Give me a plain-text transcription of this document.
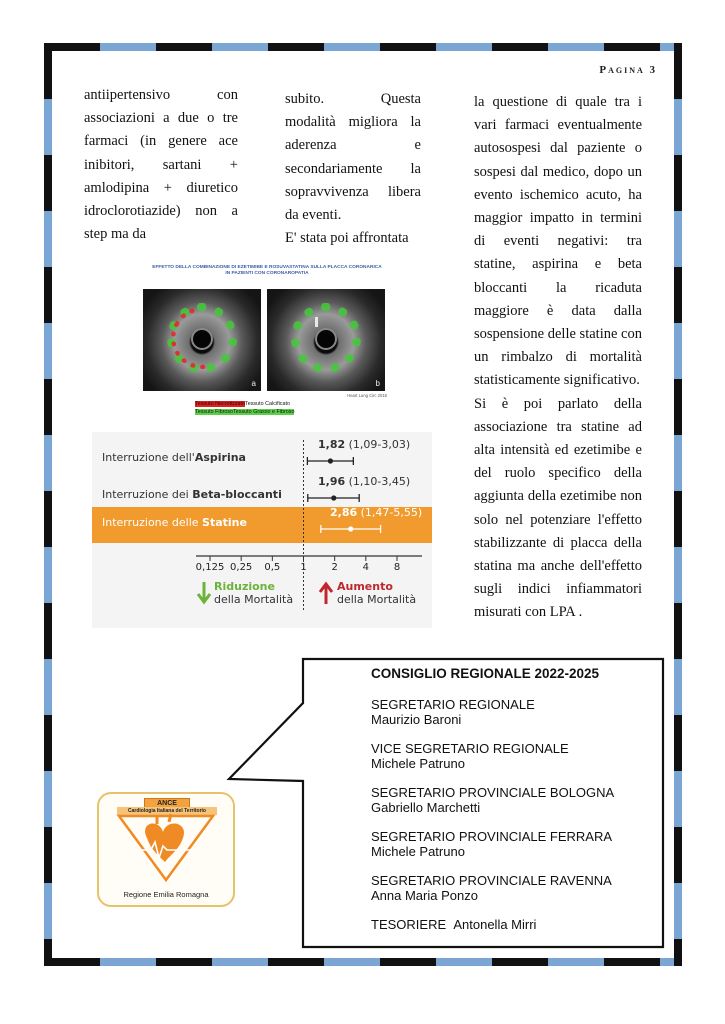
Pagina 3

antiipertensivo con associazioni a due o tre farmaci (in genere ace inibitori, sartani + amlodipina + diuretico idroclorotiazide) non a step ma da

subito. Questa modalità migliora la aderenza e secondariamente la sopravvivenza libera da eventi.

E' stata poi affrontata

la questione di quale tra i vari farmaci eventualmente autosospesi dal paziente o sospesi dal medico, dopo un evento ischemico acuto, ha maggior impatto in termini di eventi negativi: tra statine, aspirina e beta bloccanti la ricaduta maggiore è data dalla sospensione delle statine con un rimbalzo di mortalità statisticamente significativo.

Si è poi parlato della associazione tra statine ad alta intensità ed ezetimibe e del ruolo specifico della aggiunta della ezetimibe non solo nel potenziare l'effetto stabilizzante di placca della statina ma anche dell'effetto sugli indici infiammatori misurati con LPA .

EFFETTO DELLA COMBINAZIONE DI EZETIMIBE E ROSUVASTATINA SULLA PLACCA CORONARICA IN PAZIENTI CON CORONAROPATIA
a	b
Heart Lung Circ 2016
Tessuto NecrotizzatoTessuto Calcificato
Tessuto FibrosoTessuto Grasso e Fibroso
0,125 0,25 0,5 1 2 4 8
Interruzione dell'Aspirina
1,82 (1,09-3,03)
Interruzione dei Beta-bloccanti
1,96 (1,10-3,45)
Interruzione delle Statine
2,86 (1,47-5,55)
Riduzione
della Mortalità
Aumento
della Mortalità
CONSIGLIO REGIONALE 2022-2025
SEGRETARIO REGIONALE
Maurizio Baroni
VICE SEGRETARIO REGIONALE
Michele Patruno
SEGRETARIO PROVINCIALE BOLOGNA
Gabriello Marchetti
SEGRETARIO PROVINCIALE FERRARA
Michele Patruno
SEGRETARIO PROVINCIALE RAVENNA
Anna Maria Ponzo
TESORIERE Antonella Mirri
ANCE
Cardiologia Italiana del Territorio
Regione Emilia Romagna
